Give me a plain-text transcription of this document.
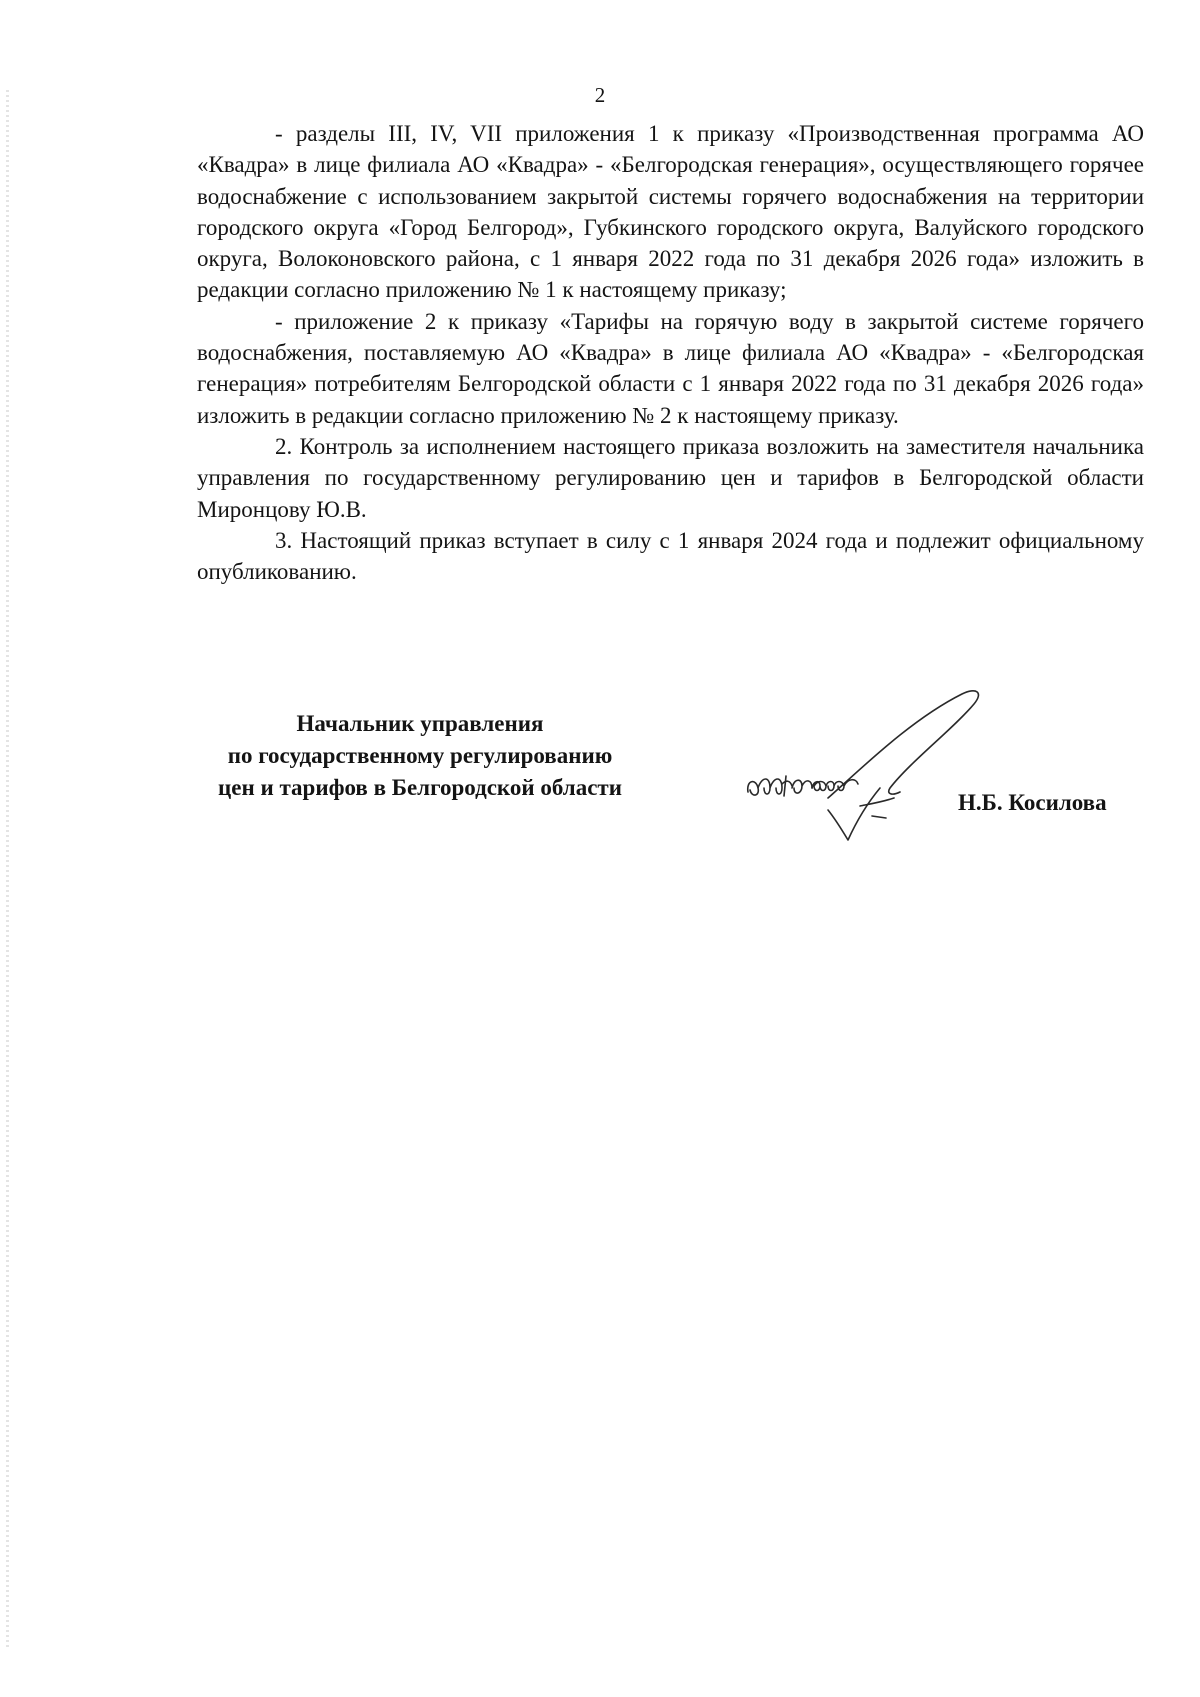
2

- разделы III, IV, VII приложения 1 к приказу «Производственная программа АО «Квадра» в лице филиала АО «Квадра» - «Белгородская генерация», осуществляющего горячее водоснабжение с использованием закрытой системы горячего водоснабжения на территории городского округа «Город Белгород», Губкинского городского округа, Валуйского городского округа, Волоконовского района, с 1 января 2022 года по 31 декабря 2026 года» изложить в редакции согласно приложению № 1 к настоящему приказу;

- приложение 2 к приказу «Тарифы на горячую воду в закрытой системе горячего водоснабжения, поставляемую АО «Квадра» в лице филиала АО «Квадра» - «Белгородская генерация» потребителям Белгородской области с 1 января 2022 года по 31 декабря 2026 года» изложить в редакции согласно приложению № 2 к настоящему приказу.

2. Контроль за исполнением настоящего приказа возложить на заместителя начальника управления по государственному регулированию цен и тарифов в Белгородской области Миронцову Ю.В.

3. Настоящий приказ вступает в силу с 1 января 2024 года и подлежит официальному опубликованию.

Начальник управления
по государственному регулированию
цен и тарифов в Белгородской области
Н.Б. Косилова
